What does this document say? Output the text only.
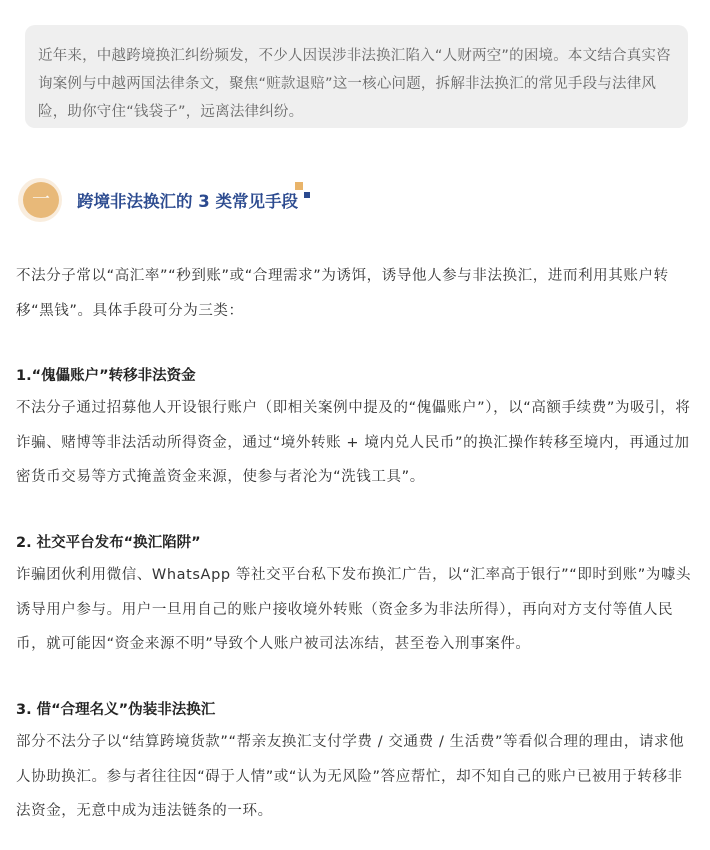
近年来，中越跨境换汇纠纷频发，不少人因误涉非法换汇陷入“人财两空”的困境。本文结合真实咨询案例与中越两国法律条文，聚焦“赃款退赔”这一核心问题，拆解非法换汇的常见手段与法律风险，助你守住“钱袋子”，远离法律纠纷。

一	跨境非法换汇的 3 类常见手段

不法分子常以“高汇率”“秒到账”或“合理需求”为诱饵，诱导他人参与非法换汇，进而利用其账户转移“黑钱”。具体手段可分为三类：

1.“傀儡账户”转移非法资金

不法分子通过招募他人开设银行账户（即相关案例中提及的“傀儡账户”），以“高额手续费”为吸引，将诈骗、赌博等非法活动所得资金，通过“境外转账 + 境内兑人民币”的换汇操作转移至境内，再通过加密货币交易等方式掩盖资金来源，使参与者沦为“洗钱工具”。

2. 社交平台发布“换汇陷阱”

诈骗团伙利用微信、WhatsApp 等社交平台私下发布换汇广告，以“汇率高于银行”“即时到账”为噱头诱导用户参与。用户一旦用自己的账户接收境外转账（资金多为非法所得），再向对方支付等值人民币，就可能因“资金来源不明”导致个人账户被司法冻结，甚至卷入刑事案件。

3. 借“合理名义”伪装非法换汇

部分不法分子以“结算跨境货款”“帮亲友换汇支付学费 / 交通费 / 生活费”等看似合理的理由，请求他人协助换汇。参与者往往因“碍于人情”或“认为无风险”答应帮忙，却不知自己的账户已被用于转移非法资金，无意中成为违法链条的一环。
